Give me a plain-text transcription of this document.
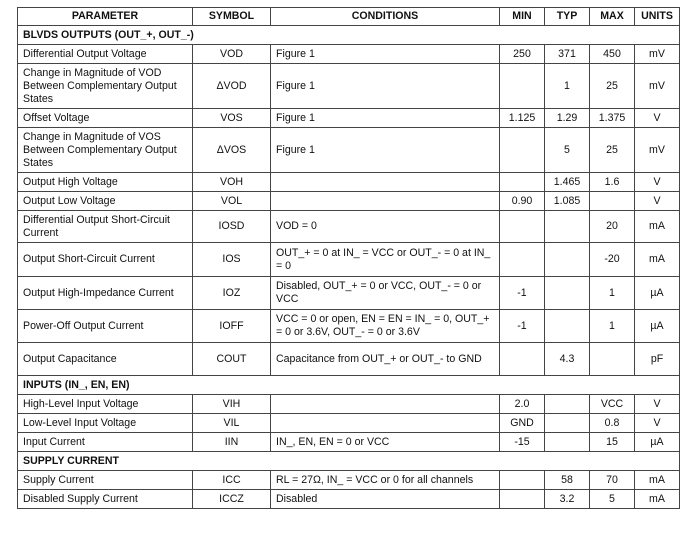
PARAMETER	SYMBOL	CONDITIONS	MIN	TYP	MAX	UNITS
BLVDS OUTPUTS (OUT_+, OUT_-)						
Differential Output Voltage	VOD	Figure 1	250	371	450	mV
Change in Magnitude of VOD Between Complementary Output States	ΔVOD	Figure 1		1	25	mV
Offset Voltage	VOS	Figure 1	1.125	1.29	1.375	V
Change in Magnitude of VOS Between Complementary Output States	ΔVOS	Figure 1		5	25	mV
Output High Voltage	VOH			1.465	1.6	V
Output Low Voltage	VOL		0.90	1.085		V
Differential Output Short-Circuit Current	IOSD	VOD = 0			20	mA
Output Short-Circuit Current	IOS	OUT_+ = 0 at IN_ = VCC or OUT_- = 0 at IN_ = 0			-20	mA
Output High-Impedance Current	IOZ	Disabled, OUT_+ = 0 or VCC, OUT_- = 0 or VCC	-1		1	µA
Power-Off Output Current	IOFF	VCC = 0 or open, EN = EN = IN_ = 0, OUT_+ = 0 or 3.6V, OUT_- = 0 or 3.6V	-1		1	µA
Output Capacitance	COUT	Capacitance from OUT_+ or OUT_- to GND		4.3		pF
INPUTS (IN_, EN, EN)						
High-Level Input Voltage	VIH		2.0		VCC	V
Low-Level Input Voltage	VIL		GND		0.8	V
Input Current	IIN	IN_, EN, EN = 0 or VCC	-15		15	µA
SUPPLY CURRENT						
Supply Current	ICC	RL = 27Ω, IN_ = VCC or 0 for all channels		58	70	mA
Disabled Supply Current	ICCZ	Disabled		3.2	5	mA
